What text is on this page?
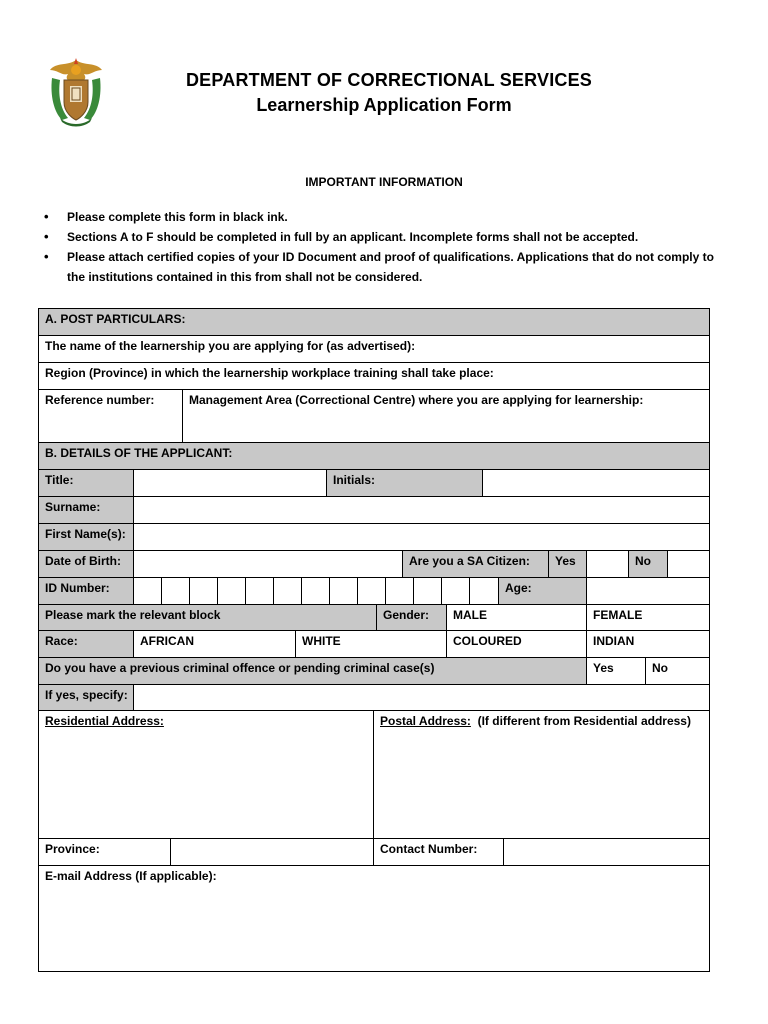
DEPARTMENT OF CORRECTIONAL SERVICES
Learnership Application Form
IMPORTANT INFORMATION
• Please complete this form in black ink.
• Sections A to F should be completed in full by an applicant. Incomplete forms shall not be accepted.
• Please attach certified copies of your ID Document and proof of qualifications. Applications that do not comply to the institutions contained in this from shall not be considered.
A. POST PARTICULARS:
The name of the learnership you are applying for (as advertised):
Region (Province) in which the learnership workplace training shall take place:
Reference number:	Management Area (Correctional Centre) where you are applying for learnership:
B. DETAILS OF THE APPLICANT:
Title:	Initials:
Surname:
First Name(s):
Date of Birth:	Are you a SA Citizen:	Yes	No
ID Number:	Age:
Please mark the relevant block	Gender:	MALE	FEMALE
Race:	AFRICAN	WHITE	COLOURED	INDIAN
Do you have a previous criminal offence or pending criminal case(s)	Yes	No
If yes, specify:
Residential Address:	Postal Address: (If different from Residential address)
Province:	Contact Number:
E-mail Address (If applicable):
